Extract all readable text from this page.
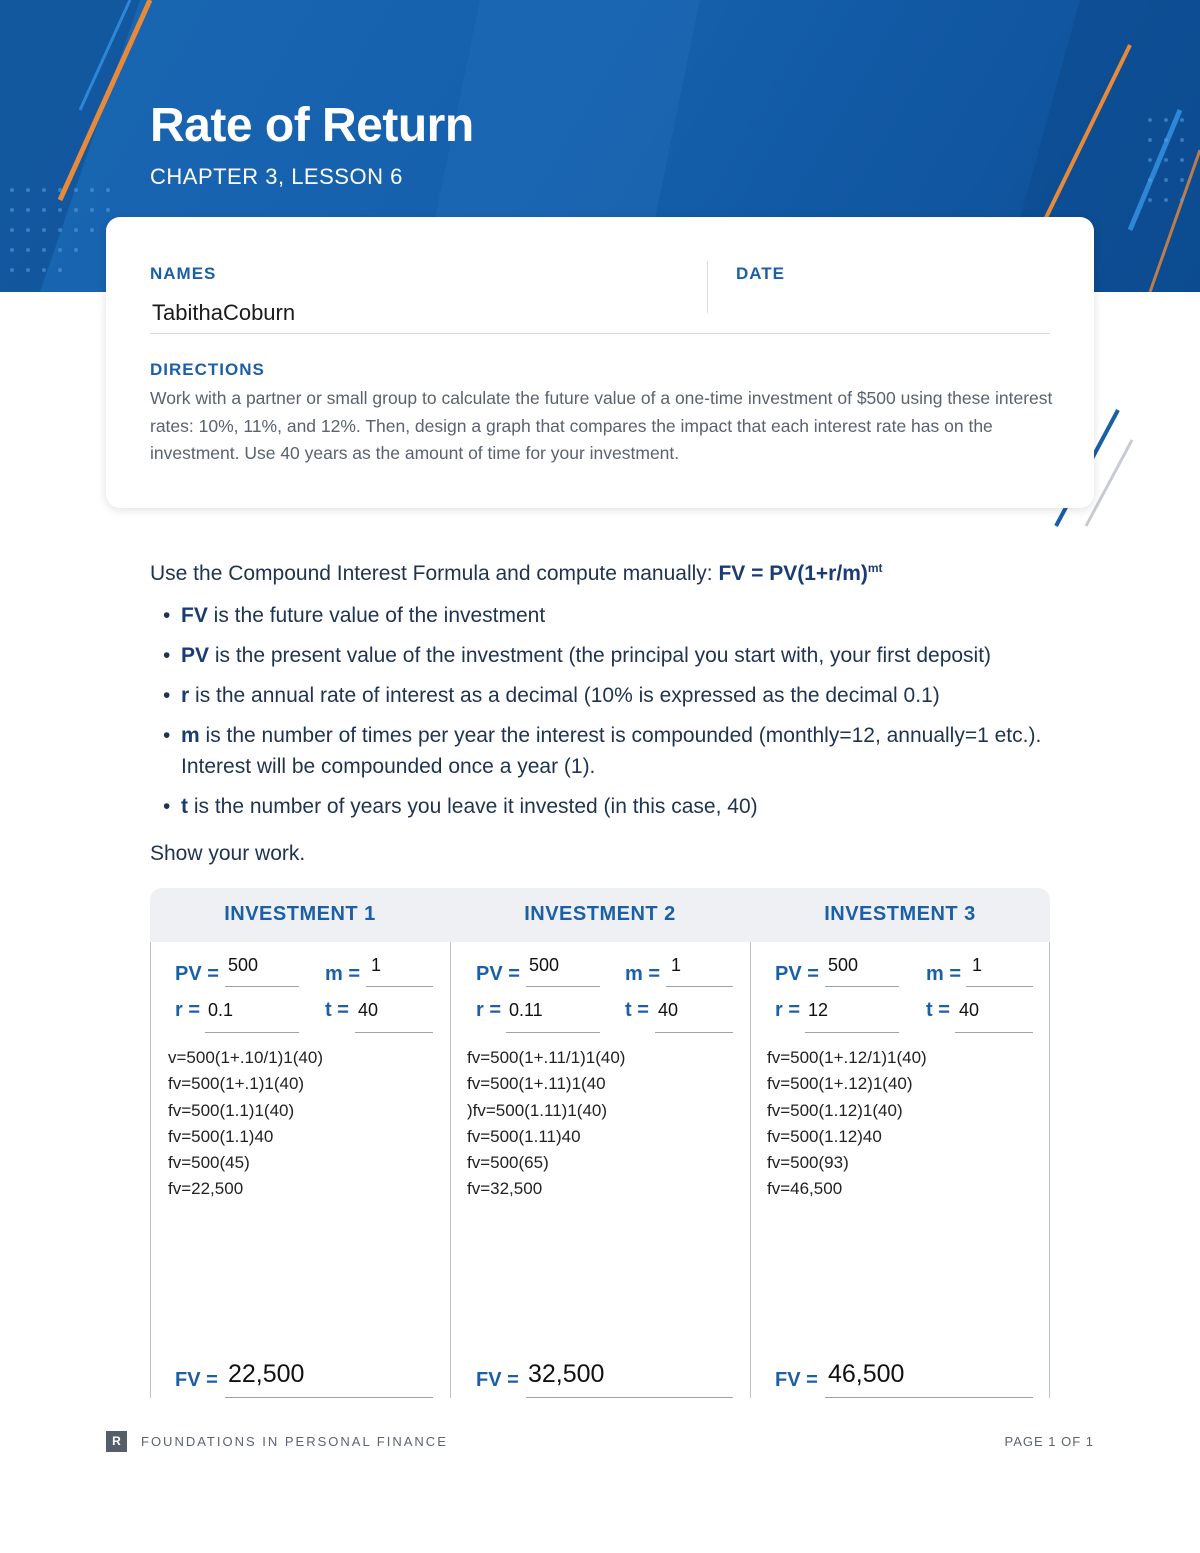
Rate of Return
CHAPTER 3, LESSON 6
NAMES
TabithaCoburn
DATE
DIRECTIONS
Work with a partner or small group to calculate the future value of a one-time investment of $500 using these interest rates: 10%, 11%, and 12%. Then, design a graph that compares the impact that each interest rate has on the investment. Use 40 years as the amount of time for your investment.
Use the Compound Interest Formula and compute manually: FV = $PV(1+r/m)^{mt}$
• FV is the future value of the investment
• PV is the present value of the investment (the principal you start with, your first deposit)
• r is the annual rate of interest as a decimal (10% is expressed as the decimal 0.1)
• m is the number of times per year the interest is compounded (monthly=12, annually=1 etc.). Interest will be compounded once a year (1).
• t is the number of years you leave it invested (in this case, 40)
Show your work.
INVESTMENT 1	INVESTMENT 2	INVESTMENT 3
PV = 500	m = 1
r = 0.1	t = 40
v=500(1+.10/1)1(40)
fv=500(1+.1)1(40)
fv=500(1.1)1(40)
fv=500(1.1)40
fv=500(45)
fv=22,500
FV = 22,500
PV = 500	m = 1
r = 0.11	t = 40
fv=500(1+.11/1)1(40)
fv=500(1+.11)1(40
)fv=500(1.11)1(40)
fv=500(1.11)40
fv=500(65)
fv=32,500
FV = 32,500
PV = 500	m = 1
r = 12	t = 40
fv=500(1+.12/1)1(40)
fv=500(1+.12)1(40)
fv=500(1.12)1(40)
fv=500(1.12)40
fv=500(93)
fv=46,500
FV = 46,500
R	FOUNDATIONS IN PERSONAL FINANCE	PAGE 1 OF 1
